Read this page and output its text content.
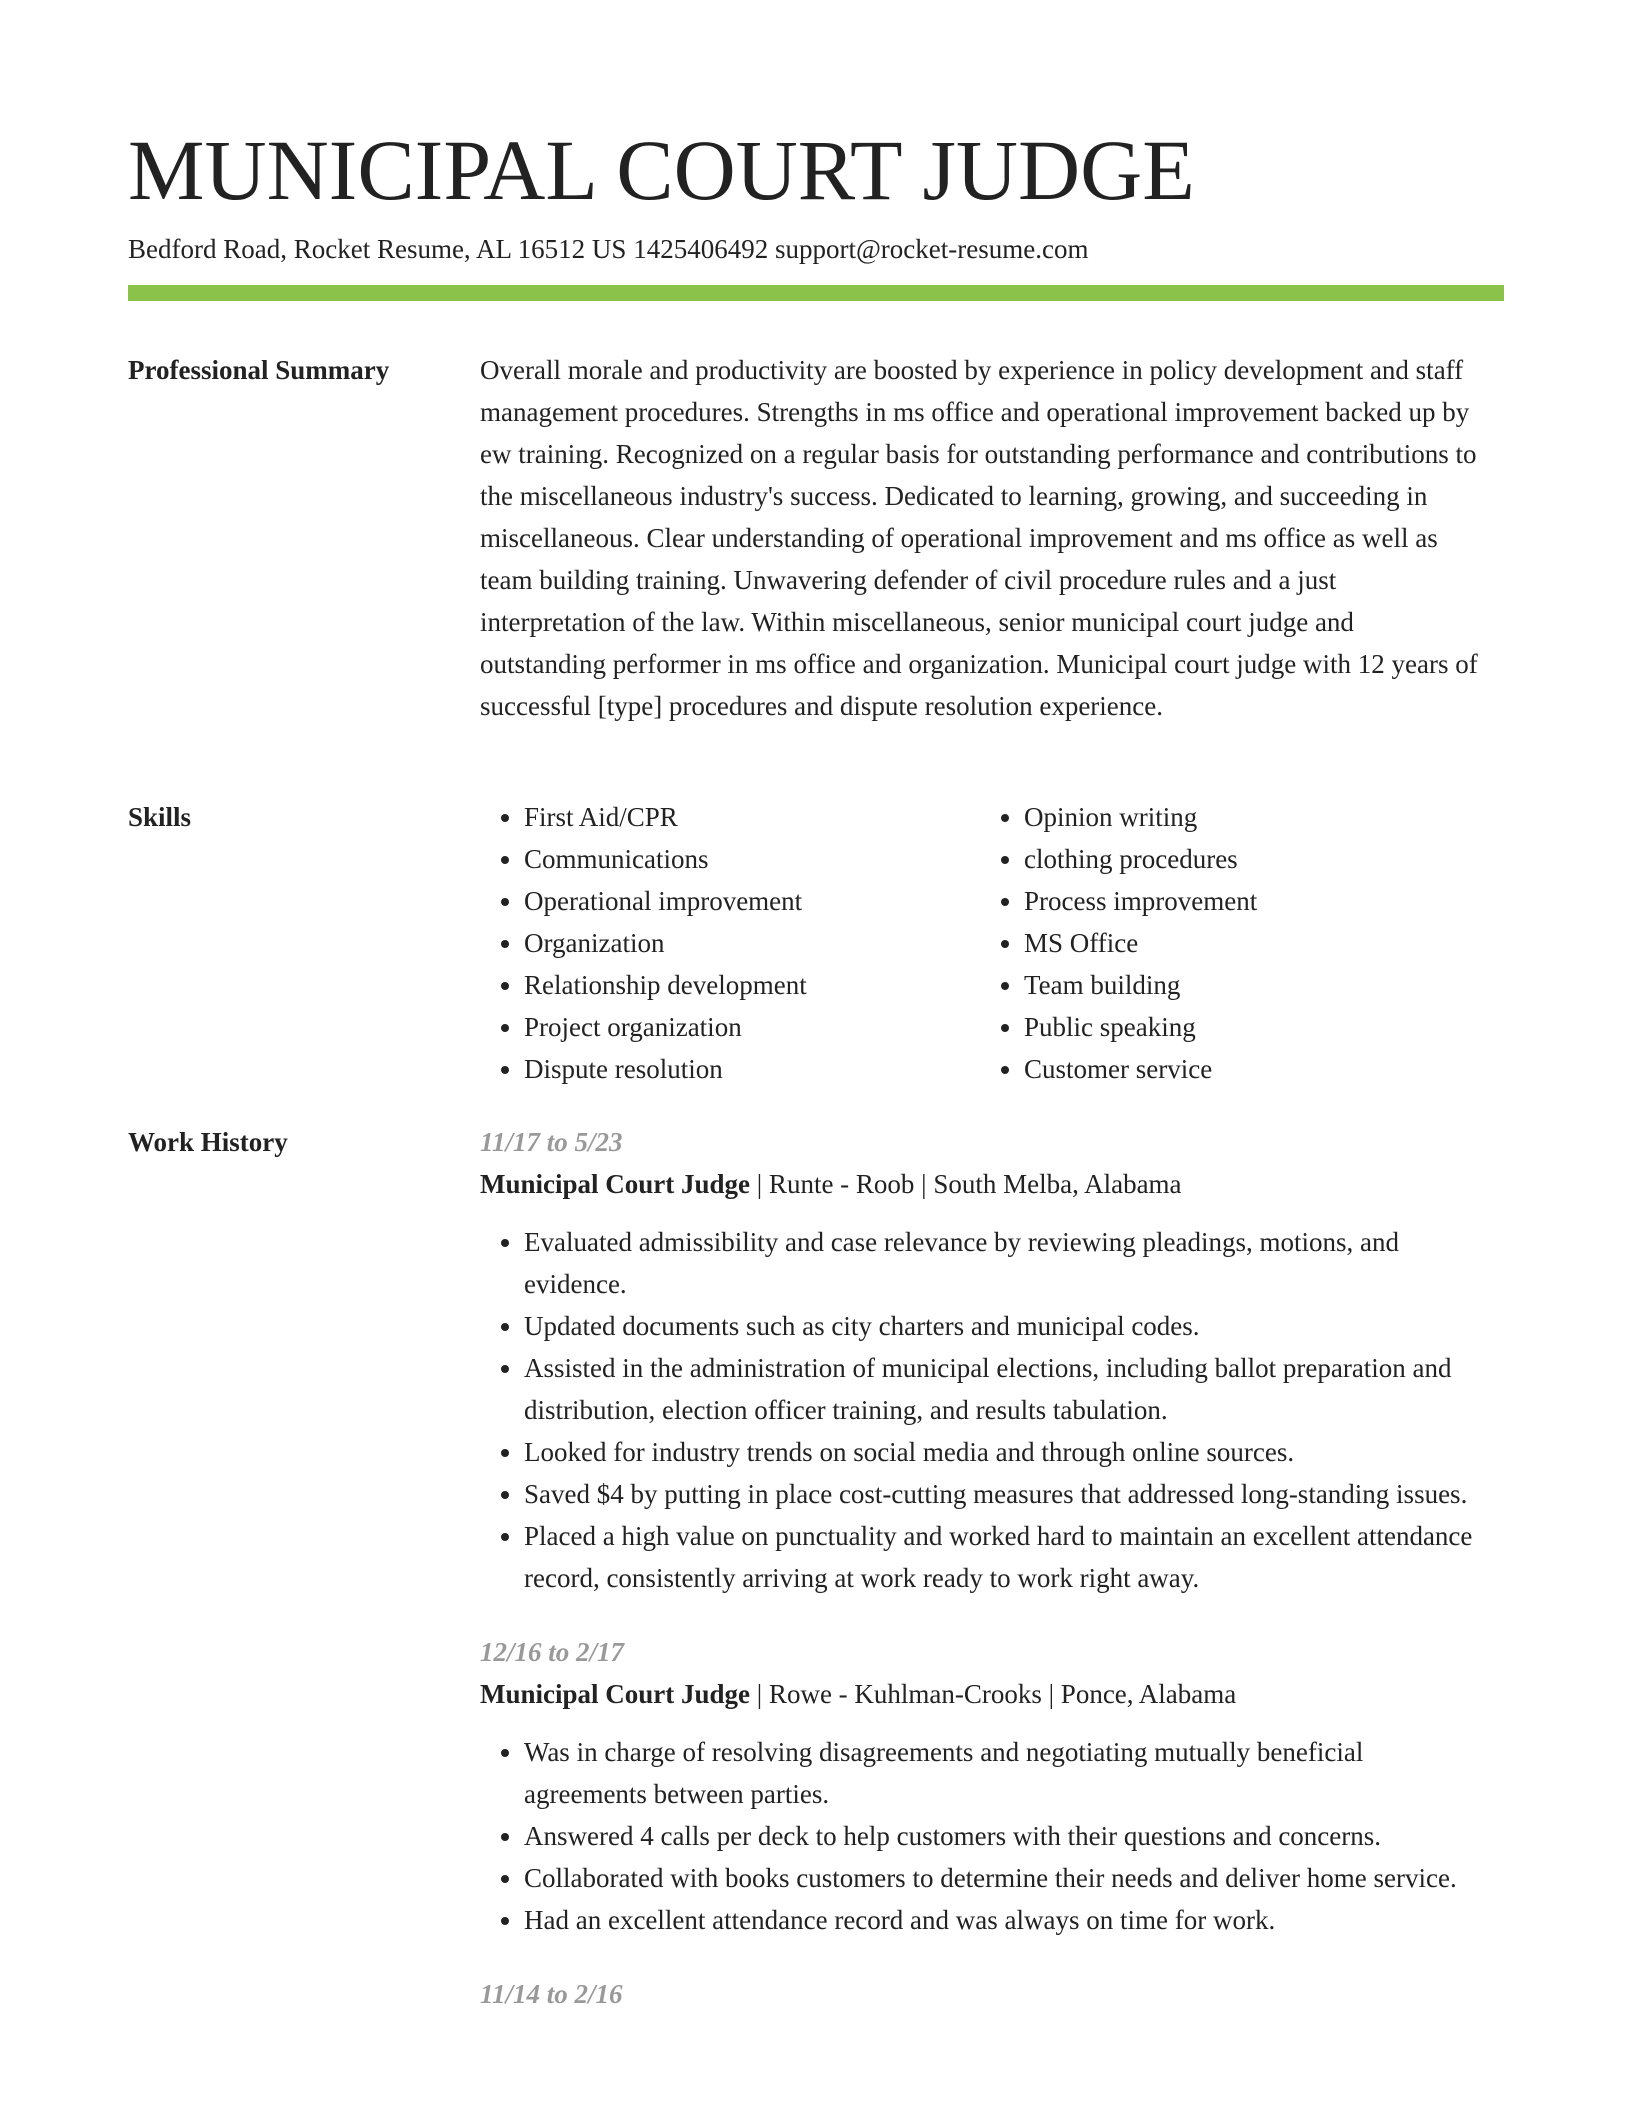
MUNICIPAL COURT JUDGE
Bedford Road, Rocket Resume, AL 16512 US 1425406492 support@rocket-resume.com
Professional Summary	Overall morale and productivity are boosted by experience in policy development and staff management procedures. Strengths in ms office and operational improvement backed up by ew training. Recognized on a regular basis for outstanding performance and contributions to the miscellaneous industry's success. Dedicated to learning, growing, and succeeding in miscellaneous. Clear understanding of operational improvement and ms office as well as team building training. Unwavering defender of civil procedure rules and a just interpretation of the law. Within miscellaneous, senior municipal court judge and outstanding performer in ms office and organization. Municipal court judge with 12 years of successful [type] procedures and dispute resolution experience.

Skills
•	First Aid/CPR
• Communications
• Operational improvement
• Organization
• Relationship development
• Project organization
• Dispute resolution
• Opinion writing
• clothing procedures
• Process improvement
• MS Office
• Team building
• Public speaking
• Customer service
Work History	11/17 to 5/23
Municipal Court Judge | Runte - Roob | South Melba, Alabama
• Evaluated admissibility and case relevance by reviewing pleadings, motions, and evidence.
• Updated documents such as city charters and municipal codes.
• Assisted in the administration of municipal elections, including ballot preparation and distribution, election officer training, and results tabulation.
• Looked for industry trends on social media and through online sources.
• Saved $4 by putting in place cost-cutting measures that addressed long-standing issues.
• Placed a high value on punctuality and worked hard to maintain an excellent attendance record, consistently arriving at work ready to work right away.
12/16 to 2/17
Municipal Court Judge | Rowe - Kuhlman-Crooks | Ponce, Alabama
• Was in charge of resolving disagreements and negotiating mutually beneficial agreements between parties.
• Answered 4 calls per deck to help customers with their questions and concerns.
• Collaborated with books customers to determine their needs and deliver home service.
• Had an excellent attendance record and was always on time for work.
11/14 to 2/16
